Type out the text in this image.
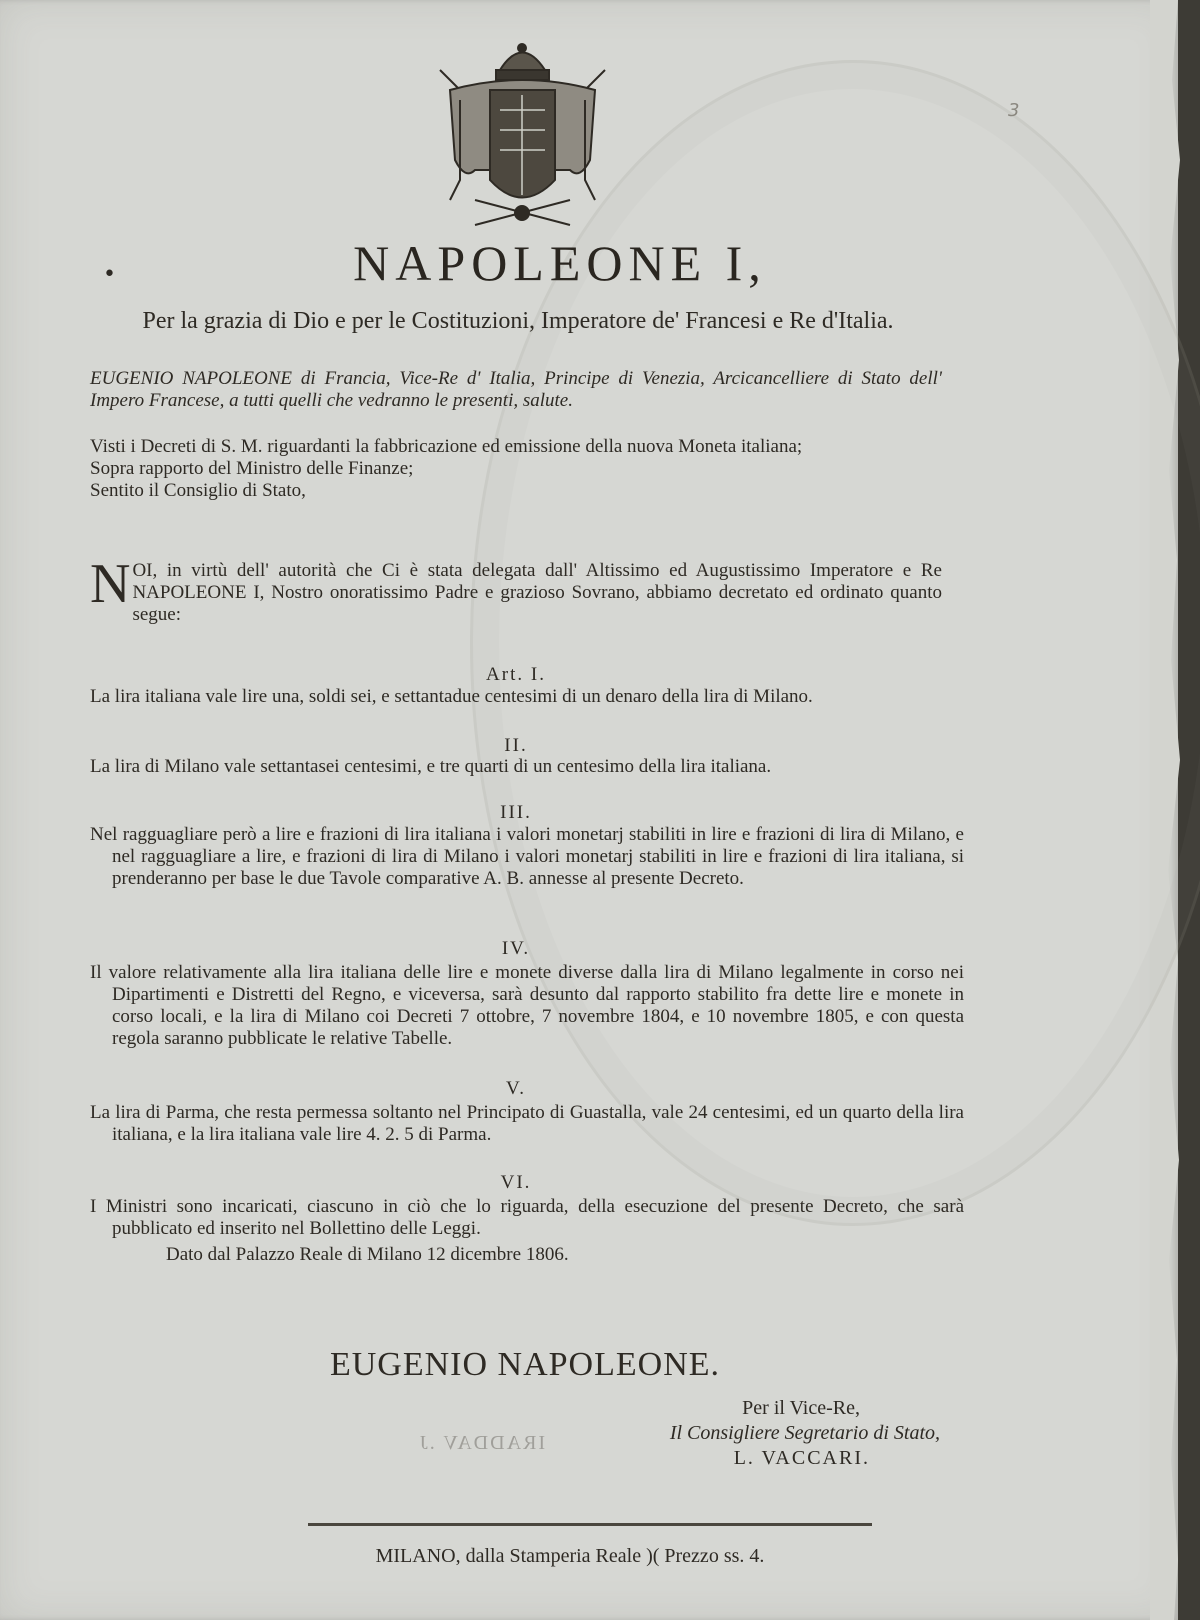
3
•	NAPOLEONE I,
Per la grazia di Dio e per le Costituzioni, Imperatore de' Francesi e Re d'Italia.
EUGENIO NAPOLEONE di Francia, Vice-Re d' Italia, Principe di Venezia, Arcicancelliere di Stato dell' Impero Francese, a tutti quelli che vedranno le presenti, salute.
Visti i Decreti di S. M. riguardanti la fabbricazione ed emissione della nuova Moneta italiana;
Sopra rapporto del Ministro delle Finanze;
Sentito il Consiglio di Stato,
N OI, in virtù dell' autorità che Ci è stata delegata dall' Altissimo ed Augustissimo Imperatore e Re NAPOLEONE I, Nostro onoratissimo Padre e grazioso Sovrano, abbiamo decretato ed ordinato quanto segue:
Art. I.
La lira italiana vale lire una, soldi sei, e settantadue centesimi di un denaro della lira di Milano.
II.
La lira di Milano vale settantasei centesimi, e tre quarti di un centesimo della lira italiana.
III.
Nel ragguagliare però a lire e frazioni di lira italiana i valori monetarj stabiliti in lire e frazioni di lira di Milano, e nel ragguagliare a lire, e frazioni di lira di Milano i valori monetarj stabiliti in lire e frazioni di lira italiana, si prenderanno per base le due Tavole comparative A. B. annesse al presente Decreto.
IV.
Il valore relativamente alla lira italiana delle lire e monete diverse dalla lira di Milano legalmente in corso nei Dipartimenti e Distretti del Regno, e viceversa, sarà desunto dal rapporto stabilito fra dette lire e monete in corso locali, e la lira di Milano coi Decreti 7 ottobre, 7 novembre 1804, e 10 novembre 1805, e con questa regola saranno pubblicate le relative Tabelle.
V.
La lira di Parma, che resta permessa soltanto nel Principato di Guastalla, vale 24 centesimi, ed un quarto della lira italiana, e la lira italiana vale lire 4. 2. 5 di Parma.
VI.
I Ministri sono incaricati, ciascuno in ciò che lo riguarda, della esecuzione del presente Decreto, che sarà pubblicato ed inserito nel Bollettino delle Leggi.
Dato dal Palazzo Reale di Milano 12 dicembre 1806.
EUGENIO NAPOLEONE.
IRADDAV .J
Per il Vice-Re,
Il Consigliere Segretario di Stato,
L. VACCARI.
MILANO, dalla Stamperia Reale )( Prezzo ss. 4.
